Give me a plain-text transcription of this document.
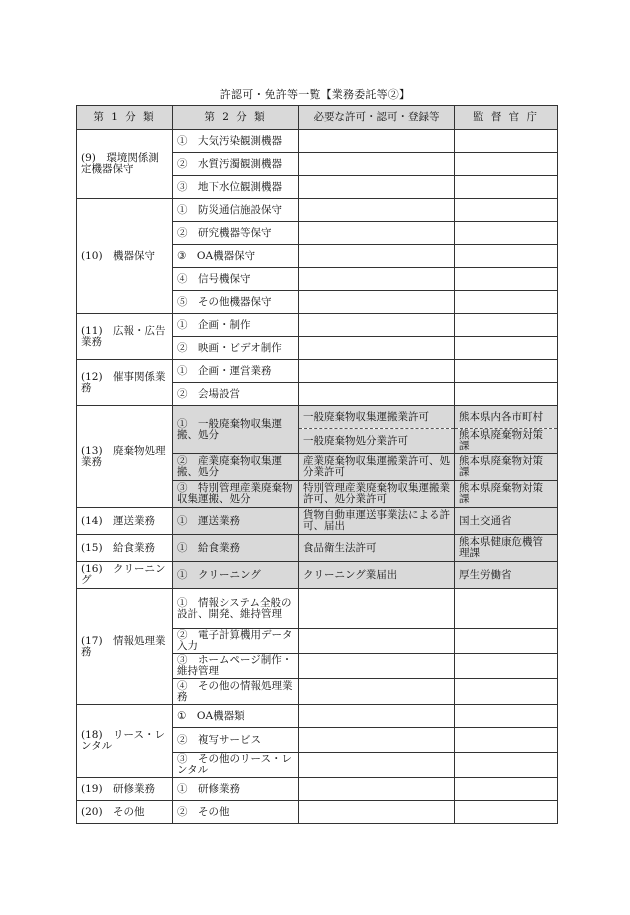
許認可・免許等一覧【業務委託等②】
第 1 分 類	第 2 分 類	必要な許可・認可・登録等	監 督 官 庁
(9)　環境関係測定機器保守	①　大気汚染観測機器		
	②　水質汚濁観測機器		
	③　地下水位観測機器		
(10)　機器保守	①　防災通信施設保守		
	②　研究機器等保守		
	③　OA機器保守		
	④　信号機保守		
	⑤　その他機器保守		
(11)　広報・広告業務	①　企画・制作		
	②　映画・ビデオ制作		
(12)　催事関係業務	①　企画・運営業務		
	②　会場設営		
(13)　廃棄物処理業務	①　一般廃棄物収集運搬、処分	一般廃棄物収集運搬業許可	熊本県内各市町村
		一般廃棄物処分業許可	熊本県廃棄物対策課
	②　産業廃棄物収集運搬、処分	産業廃棄物収集運搬業許可、処分業許可	熊本県廃棄物対策課
	③　特別管理産業廃棄物収集運搬、処分	特別管理産業廃棄物収集運搬業許可、処分業許可	熊本県廃棄物対策課
(14)　運送業務	①　運送業務	貨物自動車運送事業法による許可、届出	国土交通省
(15)　給食業務	①　給食業務	食品衛生法許可	熊本県健康危機管理課
(16)　クリーニング	①　クリーニング	クリーニング業届出	厚生労働省
(17)　情報処理業務	①　情報システム全般の設計、開発、維持管理		
	②　電子計算機用データ入力		
	③　ホームページ制作・維持管理		
	④　その他の情報処理業務		
(18)　リース・レンタル	①　OA機器類		
	②　複写サービス		
	③　その他のリース・レンタル		
(19)　研修業務	①　研修業務		
(20)　その他	②　その他		
